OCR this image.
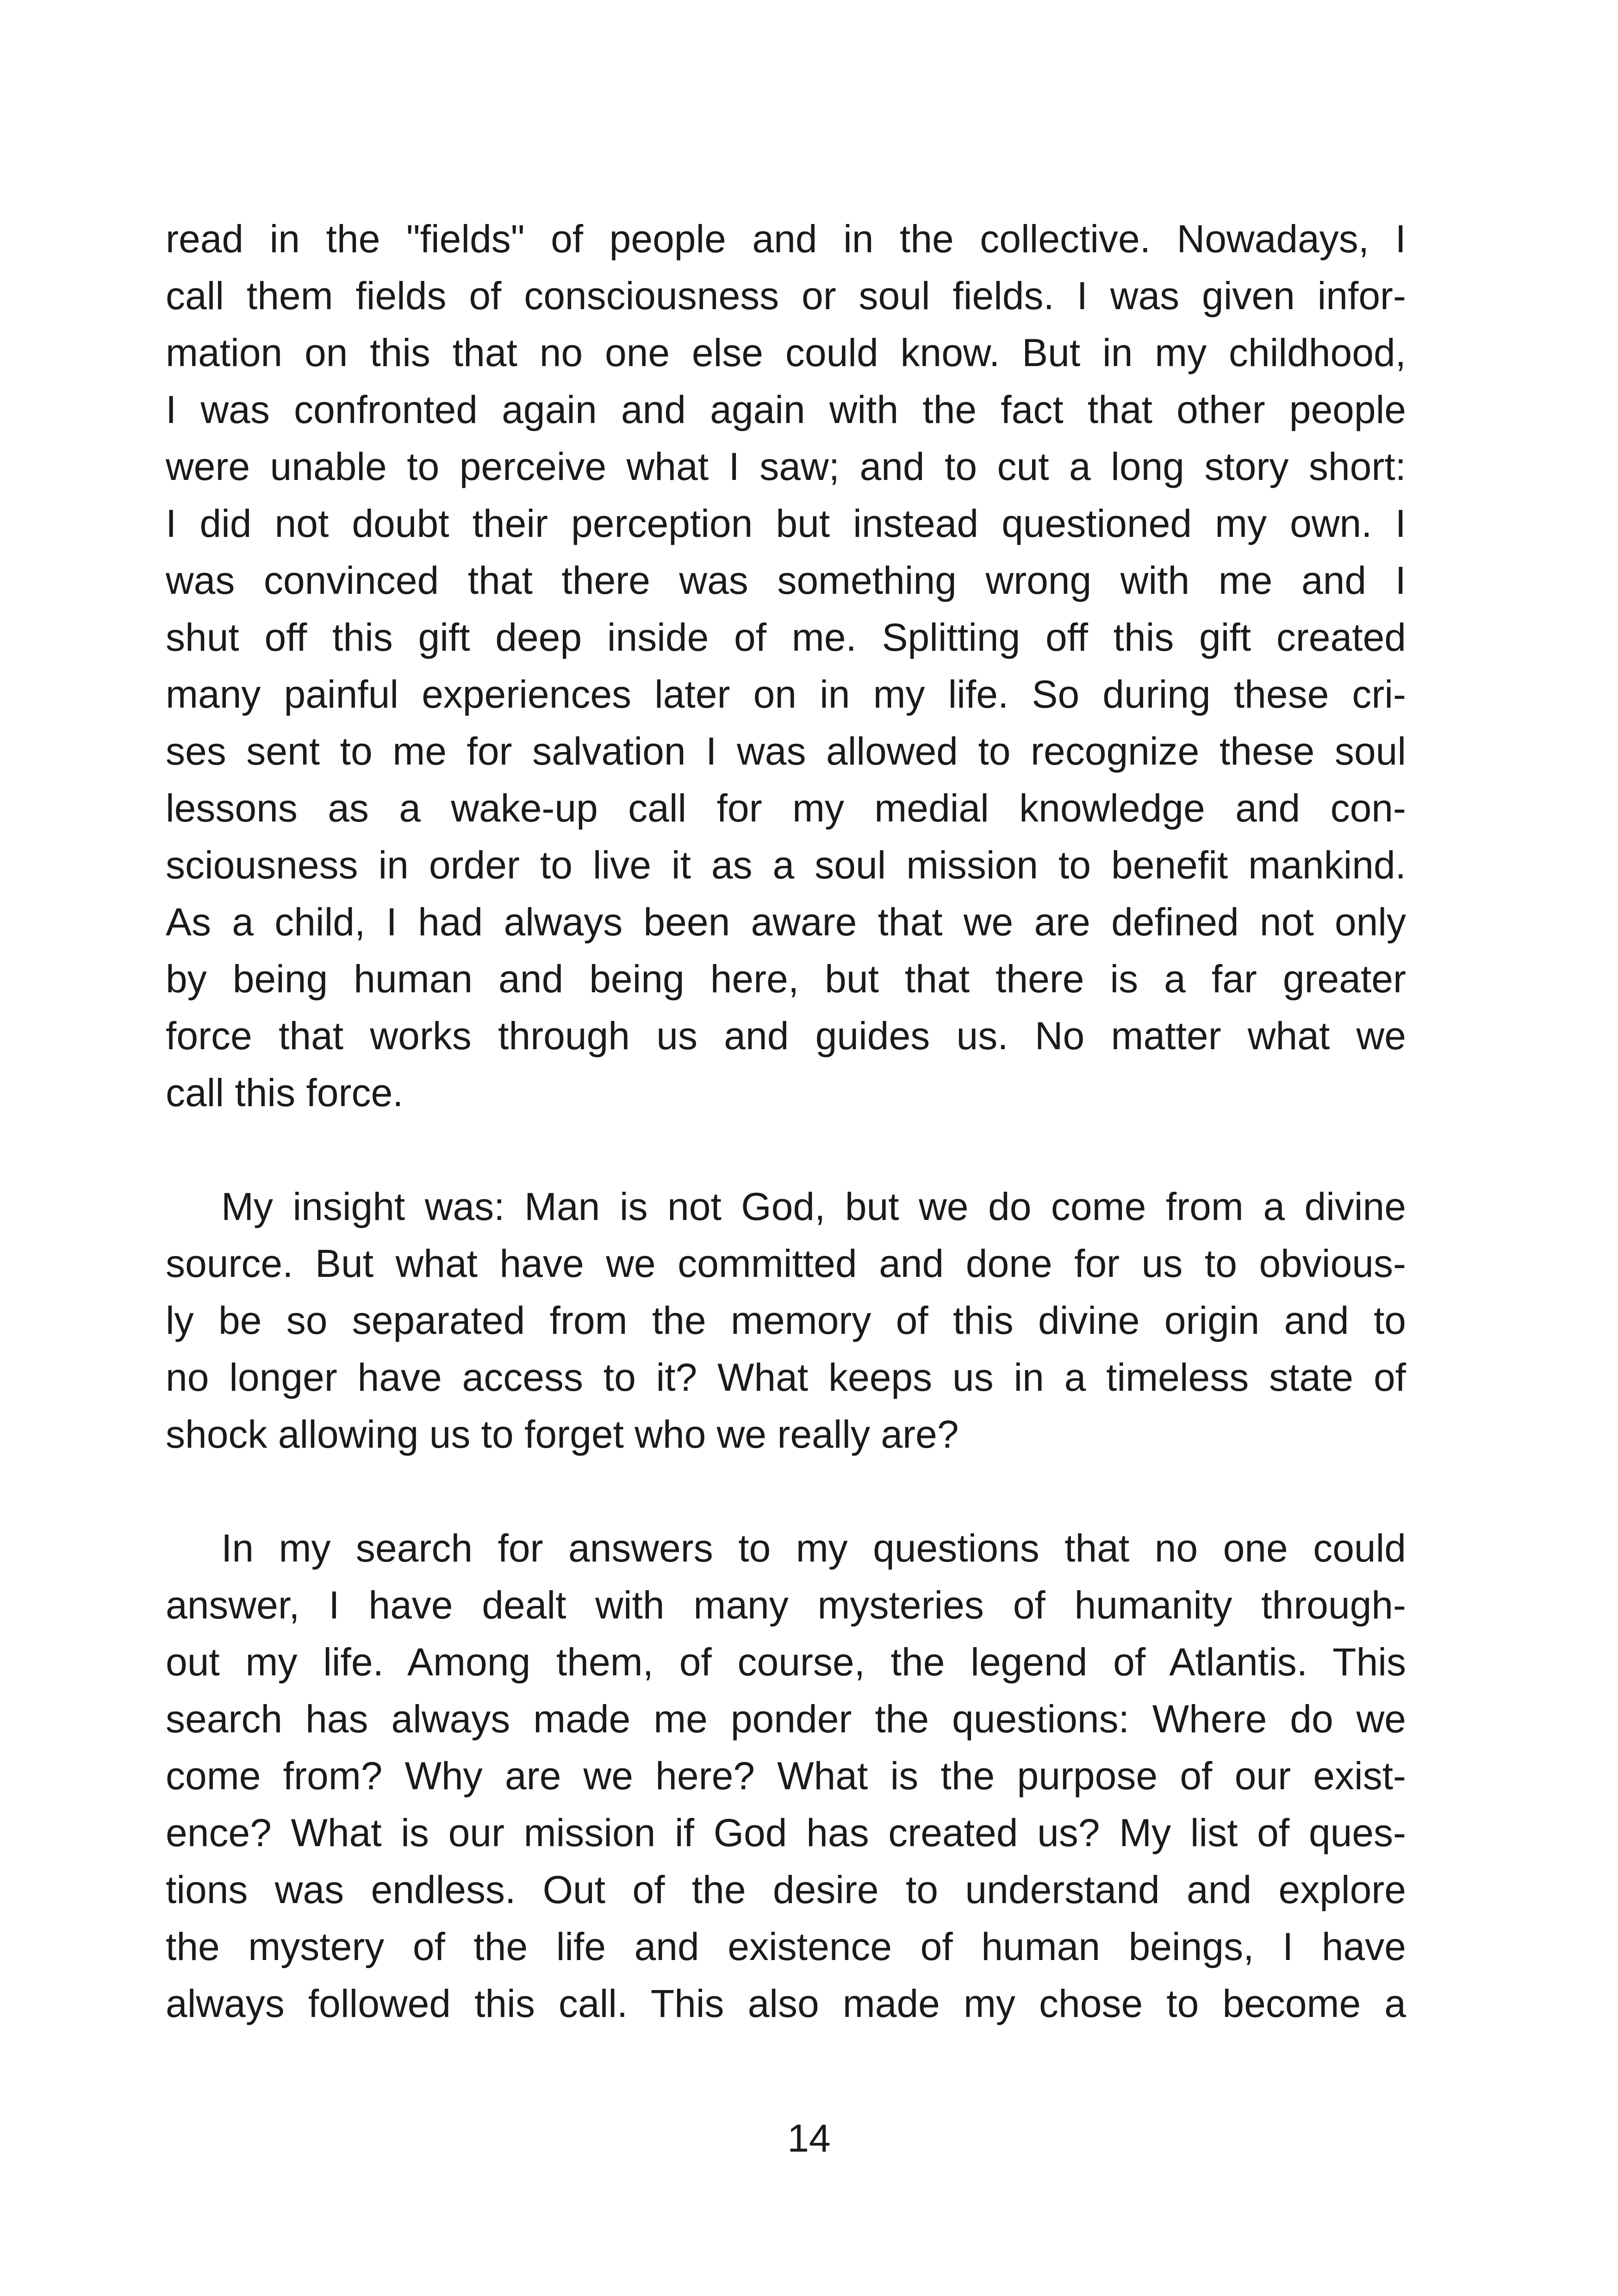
read in the "fields" of people and in the collective. Nowadays, I
call them fields of consciousness or soul fields. I was given infor-
mation on this that no one else could know. But in my childhood,
I was confronted again and again with the fact that other people
were unable to perceive what I saw; and to cut a long story short:
I did not doubt their perception but instead questioned my own. I
was convinced that there was something wrong with me and I
shut off this gift deep inside of me. Splitting off this gift created
many painful experiences later on in my life. So during these cri-
ses sent to me for salvation I was allowed to recognize these soul
lessons as a wake-up call for my medial knowledge and con-
sciousness in order to live it as a soul mission to benefit mankind.
As a child, I had always been aware that we are defined not only
by being human and being here, but that there is a far greater
force that works through us and guides us. No matter what we
call this force.
My insight was: Man is not God, but we do come from a divine
source. But what have we committed and done for us to obvious-
ly be so separated from the memory of this divine origin and to
no longer have access to it? What keeps us in a timeless state of
shock allowing us to forget who we really are?
In my search for answers to my questions that no one could
answer, I have dealt with many mysteries of humanity through-
out my life. Among them, of course, the legend of Atlantis. This
search has always made me ponder the questions: Where do we
come from? Why are we here? What is the purpose of our exist-
ence? What is our mission if God has created us? My list of ques-
tions was endless. Out of the desire to understand and explore
the mystery of the life and existence of human beings, I have
always followed this call. This also made my chose to become a
14
